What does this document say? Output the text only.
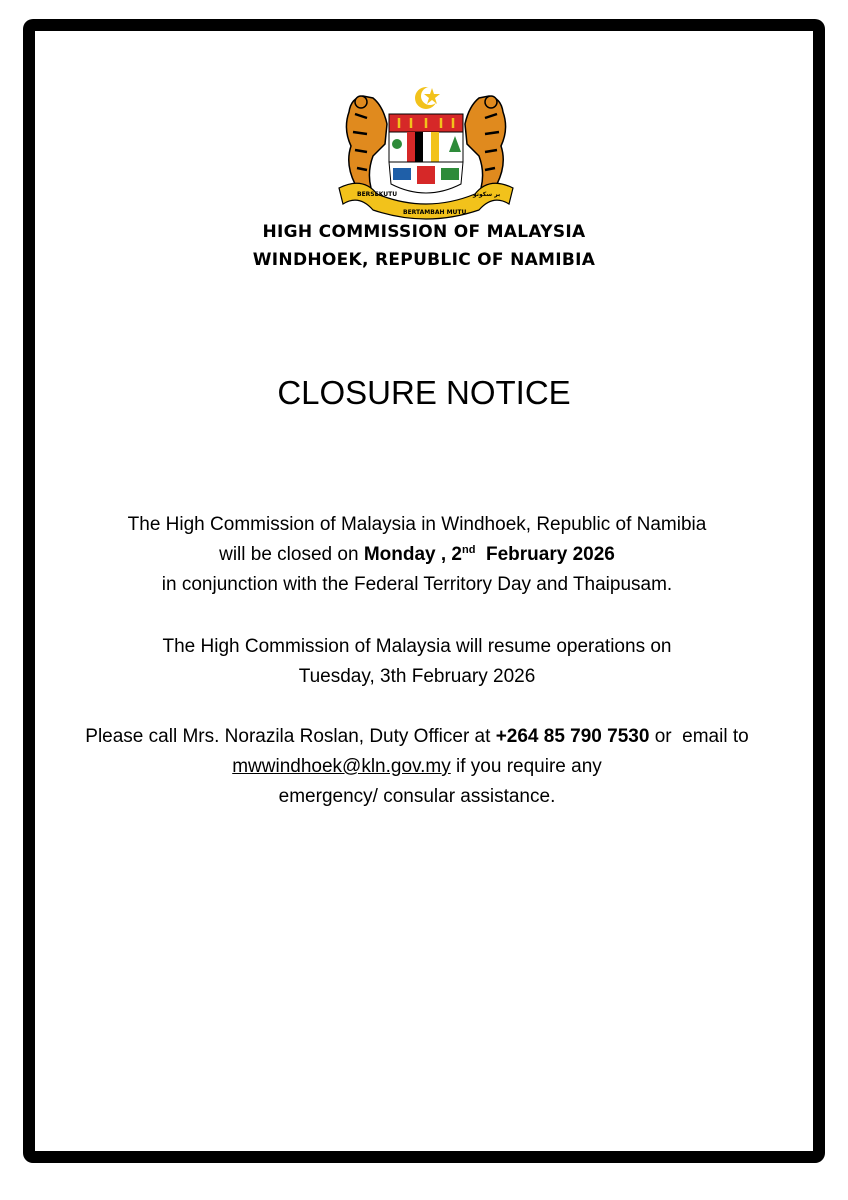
BERSEKUTU
BERTAMBAH MUTU
بر سکوتو
HIGH COMMISSION OF MALAYSIA
WINDHOEK, REPUBLIC OF NAMIBIA
CLOSURE NOTICE
The High Commission of Malaysia in Windhoek, Republic of Namibia
will be closed on Monday , 2nd  February 2026
in conjunction with the Federal Territory Day and Thaipusam.
The High Commission of Malaysia will resume operations on
Tuesday, 3th February 2026
Please call Mrs. Norazila Roslan, Duty Officer at +264 85 790 7530 or  email to
mwwindhoek@kln.gov.my if you require any
emergency/ consular assistance.
